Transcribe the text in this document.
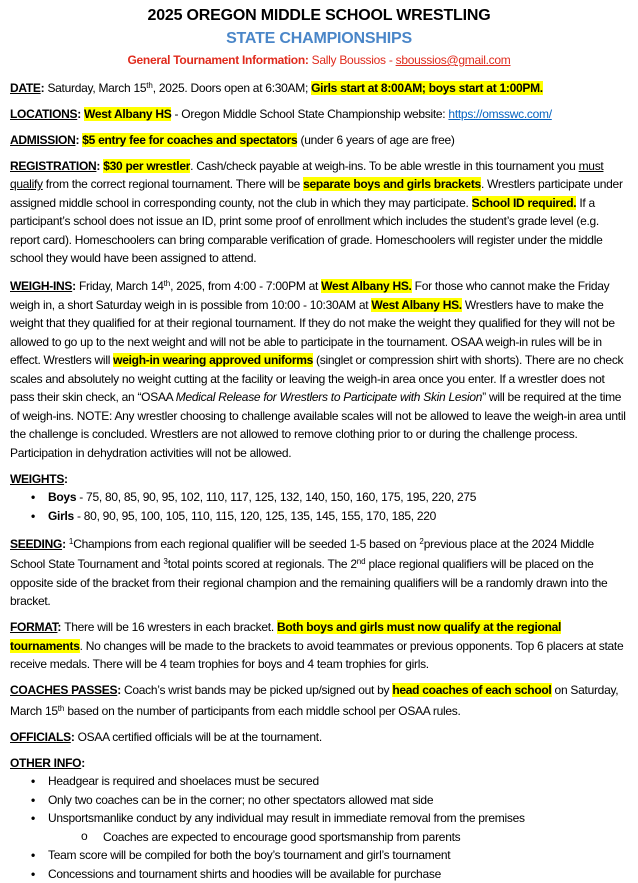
2025 OREGON MIDDLE SCHOOL WRESTLING
STATE CHAMPIONSHIPS
General Tournament Information: Sally Boussios - sboussios@gmail.com

DATE: Saturday, March 15th, 2025. Doors open at 6:30AM; Girls start at 8:00AM; boys start at 1:00PM.

LOCATIONS: West Albany HS - Oregon Middle School State Championship website: https://omsswc.com/

ADMISSION: $5 entry fee for coaches and spectators (under 6 years of age are free)

REGISTRATION: $30 per wrestler. Cash/check payable at weigh-ins. To be able wrestle in this tournament you must qualify from the correct regional tournament. There will be separate boys and girls brackets. Wrestlers participate under assigned middle school in corresponding county, not the club in which they may participate. School ID required. If a participant’s school does not issue an ID, print some proof of enrollment which includes the student’s grade level (e.g. report card). Homeschoolers can bring comparable verification of grade. Homeschoolers will register under the middle school they would have been assigned to attend.

WEIGH-INS: Friday, March 14th, 2025, from 4:00 - 7:00PM at West Albany HS. For those who cannot make the Friday weigh in, a short Saturday weigh in is possible from 10:00 - 10:30AM at West Albany HS. Wrestlers have to make the weight that they qualified for at their regional tournament. If they do not make the weight they qualified for they will not be allowed to go up to the next weight and will not be able to participate in the tournament. OSAA weigh-in rules will be in effect. Wrestlers will weigh-in wearing approved uniforms (singlet or compression shirt with shorts). There are no check scales and absolutely no weight cutting at the facility or leaving the weigh-in area once you enter. If a wrestler does not pass their skin check, an “OSAA Medical Release for Wrestlers to Participate with Skin Lesion” will be required at the time of weigh-ins. NOTE: Any wrestler choosing to challenge available scales will not be allowed to leave the weigh-in area until the challenge is concluded. Wrestlers are not allowed to remove clothing prior to or during the challenge process. Participation in dehydration activities will not be allowed.

WEIGHTS:

• Boys - 75, 80, 85, 90, 95, 102, 110, 117, 125, 132, 140, 150, 160, 175, 195, 220, 275
• Girls - 80, 90, 95, 100, 105, 110, 115, 120, 125, 135, 145, 155, 170, 185, 220

SEEDING: $^1$Champions from each regional qualifier will be seeded 1-5 based on $^2$previous place at the 2024 Middle School State Tournament and $^3$total points scored at regionals. The 2nd place regional qualifiers will be placed on the opposite side of the bracket from their regional champion and the remaining qualifiers will be a randomly drawn into the bracket.

FORMAT: There will be 16 wresters in each bracket. Both boys and girls must now qualify at the regional tournaments. No changes will be made to the brackets to avoid teammates or previous opponents. Top 6 placers at state receive medals. There will be 4 team trophies for boys and 4 team trophies for girls.

COACHES PASSES: Coach’s wrist bands may be picked up/signed out by head coaches of each school on Saturday, March 15th based on the number of participants from each middle school per OSAA rules.

OFFICIALS: OSAA certified officials will be at the tournament.

OTHER INFO:

• Headgear is required and shoelaces must be secured
• Only two coaches can be in the corner; no other spectators allowed mat side
• Unsportsmanlike conduct by any individual may result in immediate removal from the premises
o Coaches are expected to encourage good sportsmanship from parents
• Team score will be compiled for both the boy’s tournament and girl’s tournament
• Concessions and tournament shirts and hoodies will be available for purchase
